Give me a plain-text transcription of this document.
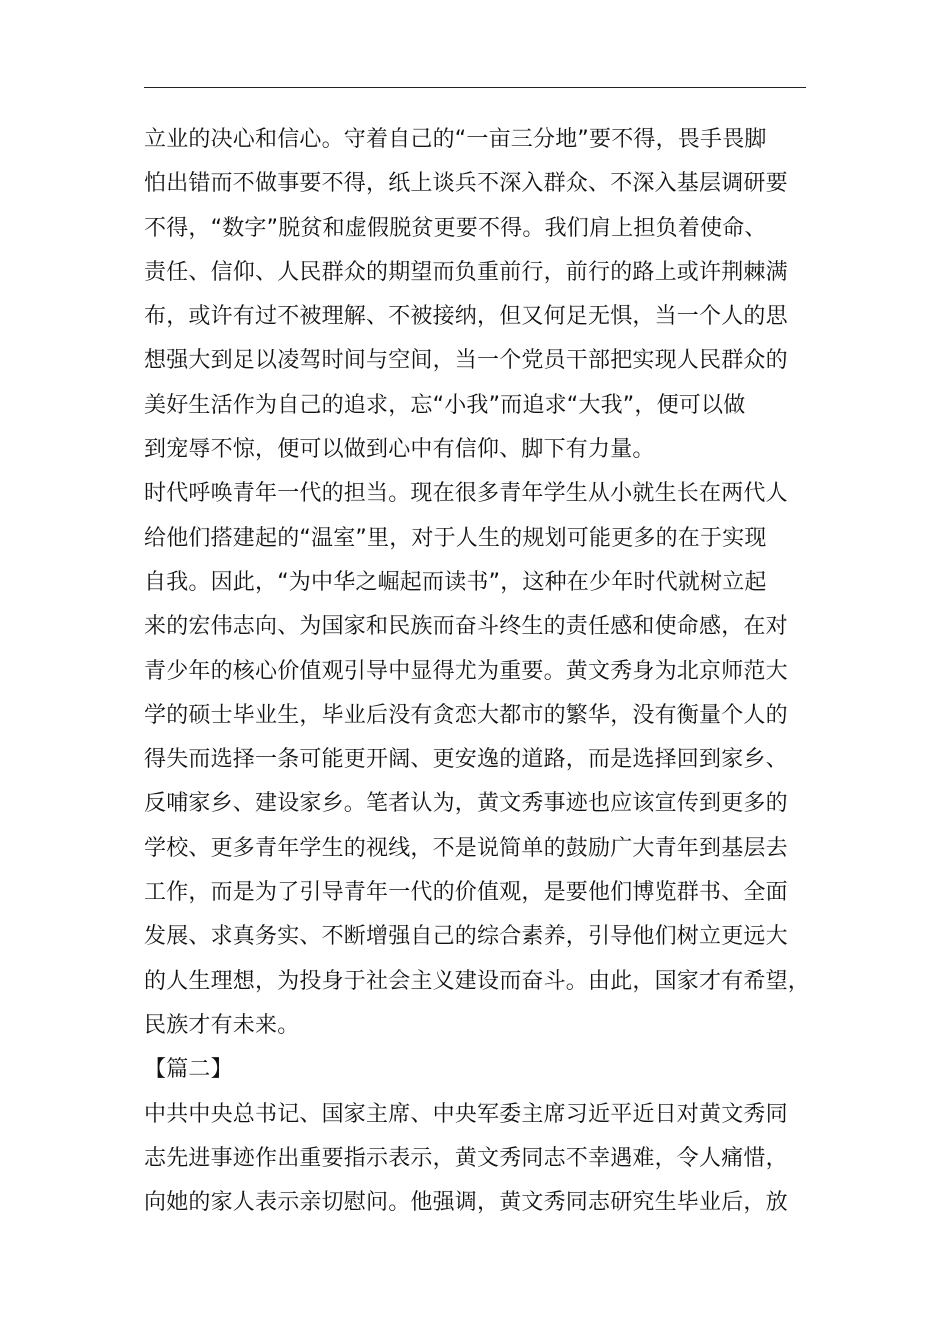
立业的决心和信心。守着自己的“一亩三分地”要不得，畏手畏脚
怕出错而不做事要不得，纸上谈兵不深入群众、不深入基层调研要
不得，“数字”脱贫和虚假脱贫更要不得。我们肩上担负着使命、
责任、信仰、人民群众的期望而负重前行，前行的路上或许荆棘满
布，或许有过不被理解、不被接纳，但又何足无惧，当一个人的思
想强大到足以凌驾时间与空间，当一个党员干部把实现人民群众的
美好生活作为自己的追求，忘“小我”而追求“大我”，便可以做
到宠辱不惊，便可以做到心中有信仰、脚下有力量。
时代呼唤青年一代的担当。现在很多青年学生从小就生长在两代人
给他们搭建起的“温室”里，对于人生的规划可能更多的在于实现
自我。因此，“为中华之崛起而读书”，这种在少年时代就树立起
来的宏伟志向、为国家和民族而奋斗终生的责任感和使命感，在对
青少年的核心价值观引导中显得尤为重要。黄文秀身为北京师范大
学的硕士毕业生，毕业后没有贪恋大都市的繁华，没有衡量个人的
得失而选择一条可能更开阔、更安逸的道路，而是选择回到家乡、
反哺家乡、建设家乡。笔者认为，黄文秀事迹也应该宣传到更多的
学校、更多青年学生的视线，不是说简单的鼓励广大青年到基层去
工作，而是为了引导青年一代的价值观，是要他们博览群书、全面
发展、求真务实、不断增强自己的综合素养，引导他们树立更远大
的人生理想，为投身于社会主义建设而奋斗。由此，国家才有希望，
民族才有未来。
【篇二】
中共中央总书记、国家主席、中央军委主席习近平近日对黄文秀同
志先进事迹作出重要指示表示，黄文秀同志不幸遇难，令人痛惜，
向她的家人表示亲切慰问。他强调，黄文秀同志研究生毕业后，放
